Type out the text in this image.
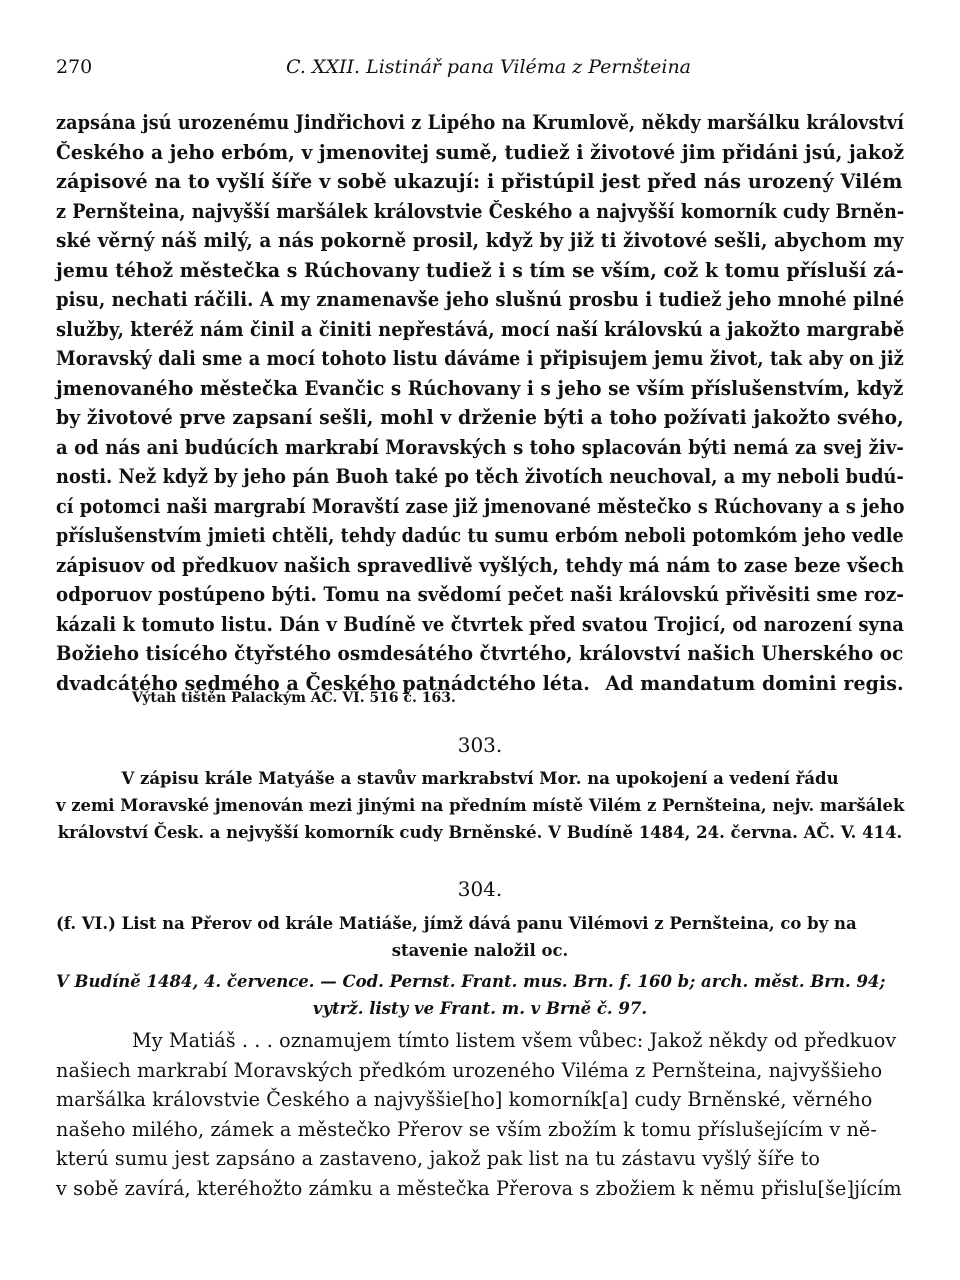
270	C. XXII. Listinář pana Viléma z Pernšteina
zapsána jsú urozenému Jindřichovi z Lipého na Krumlově, někdy maršálku království
Českého a jeho erbóm, v jmenovitej sumě, tudiež i životové jim přidáni jsú, jakož
zápisové na to vyšlí šíře v sobě ukazují: i přistúpil jest před nás urozený Vilém
z Pernšteina, najvyšší maršálek královstvie Českého a najvyšší komorník cudy Brněn-
ské věrný náš milý, a nás pokorně prosil, když by již ti životové sešli, abychom my
jemu téhož městečka s Rúchovany tudiež i s tím se vším, což k tomu přísluší zá-
pisu, nechati ráčili. A my znamenavše jeho slušnú prosbu i tudiež jeho mnohé pilné
služby, kteréž nám činil a činiti nepřestává, mocí naší královskú a jakožto margrabě
Moravský dali sme a mocí tohoto listu dáváme i připisujem jemu život, tak aby on již
jmenovaného městečka Evančic s Rúchovany i s jeho se vším příslušenstvím, když
by životové prve zapsaní sešli, mohl v drženie býti a toho požívati jakožto svého,
a od nás ani budúcích markrabí Moravských s toho splacován býti nemá za svej živ-
nosti. Než když by jeho pán Buoh také po těch životích neuchoval, a my neboli budú-
cí potomci naši margrabí Moravští zase již jmenované městečko s Rúchovany a s jeho
příslušenstvím jmieti chtěli, tehdy dadúc tu sumu erbóm neboli potomkóm jeho vedle
zápisuov od předkuov našich spravedlivě vyšlých, tehdy má nám to zase beze všech
odporuov postúpeno býti. Tomu na svědomí pečet naši královskú přivěsiti sme roz-
kázali k tomuto listu. Dán v Budíně ve čtvrtek před svatou Trojicí, od narození syna
Božieho tisícého čtyřstého osmdesátého čtvrtého, království našich Uherského oc
dvadcátého sedmého a Českého patnádctého léta. Ad mandatum domini regis.
Výtah tištěn Palackým AČ. VI. 516 č. 163.
303.
V zápisu krále Matyáše a stavův markrabství Mor. na upokojení a vedení řádu
v zemi Moravské jmenován mezi jinými na předním místě Vilém z Pernšteina, nejv. maršálek
království Česk. a nejvyšší komorník cudy Brněnské. V Budíně 1484, 24. června. AČ. V. 414.
304.
(f. VI.) List na Přerov od krále Matiáše, jímž dává panu Vilémovi z Pernšteina, co by na
stavenie naložil oc.
V Budíně 1484, 4. července. — Cod. Pernst. Frant. mus. Brn. f. 160 b; arch. měst. Brn. 94;
vytrž. listy ve Frant. m. v Brně č. 97.
My Matiáš . . . oznamujem tímto listem všem vůbec: Jakož někdy od předkuov
našiech markrabí Moravských předkóm urozeného Viléma z Pernšteina, najvyššieho
maršálka královstvie Českého a najvyššie[ho] komorník[a] cudy Brněnské, věrného
našeho milého, zámek a městečko Přerov se vším zbožím k tomu příslušejícím v ně-
kterú sumu jest zapsáno a zastaveno, jakož pak list na tu zástavu vyšlý šíře to
v sobě zavírá, kteréhožto zámku a městečka Přerova s zbožiem k němu přislu[še]jícím
